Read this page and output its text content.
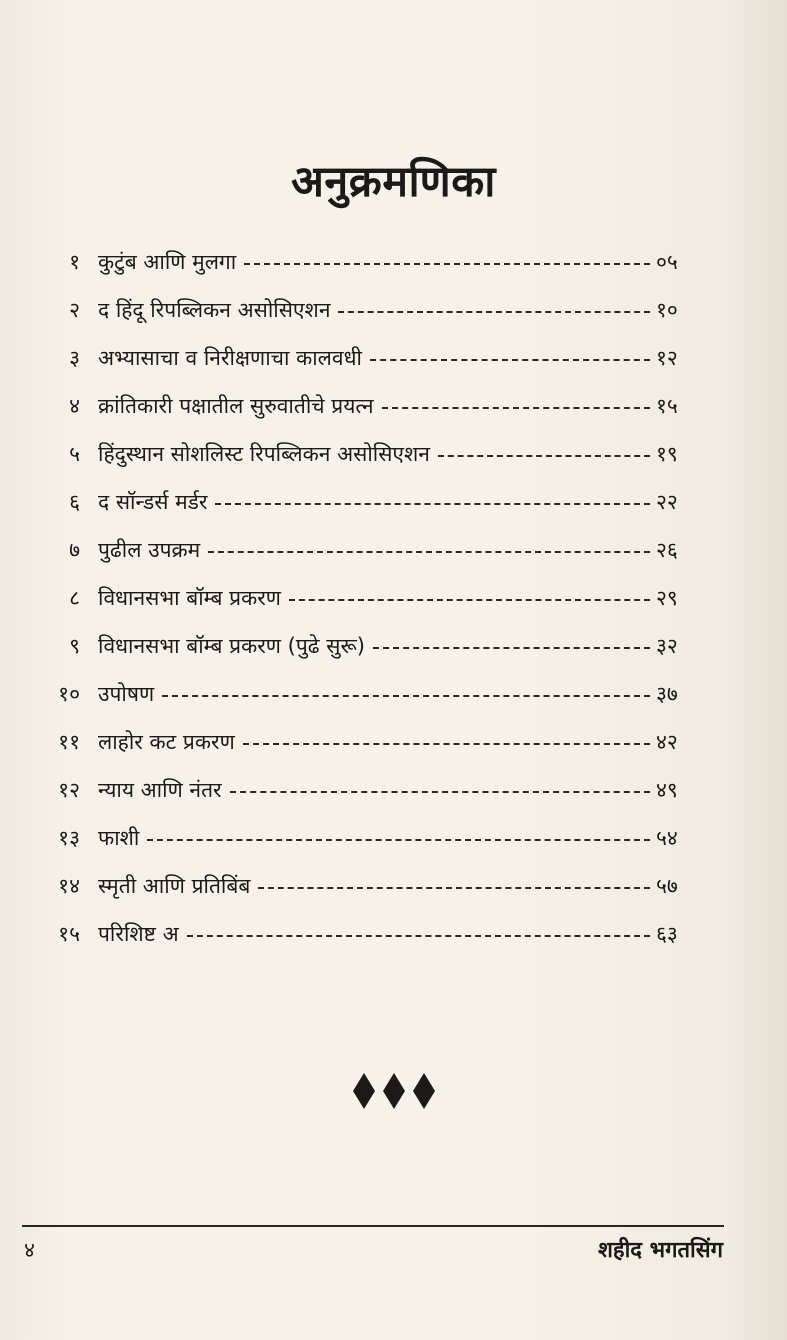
अनुक्रमणिका
१ कुटुंब आणि मुलगा	०५
२ द हिंदू रिपब्लिकन असोसिएशन	१०
३ अभ्यासाचा व निरीक्षणाचा कालवधी	१२
४ क्रांतिकारी पक्षातील सुरुवातीचे प्रयत्न	१५
५ हिंदुस्थान सोशलिस्ट रिपब्लिकन असोसिएशन	१९
६ द सॉन्डर्स मर्डर	२२
७ पुढील उपक्रम	२६
८ विधानसभा बॉम्ब प्रकरण	२९
९ विधानसभा बॉम्ब प्रकरण (पुढे सुरू)	३२
१० उपोषण	३७
११ लाहोर कट प्रकरण	४२
१२ न्याय आणि नंतर	४९
१३ फाशी	५४
१४ स्मृती आणि प्रतिबिंब	५७
१५ परिशिष्ट अ	६३
४	शहीद भगतसिंग
